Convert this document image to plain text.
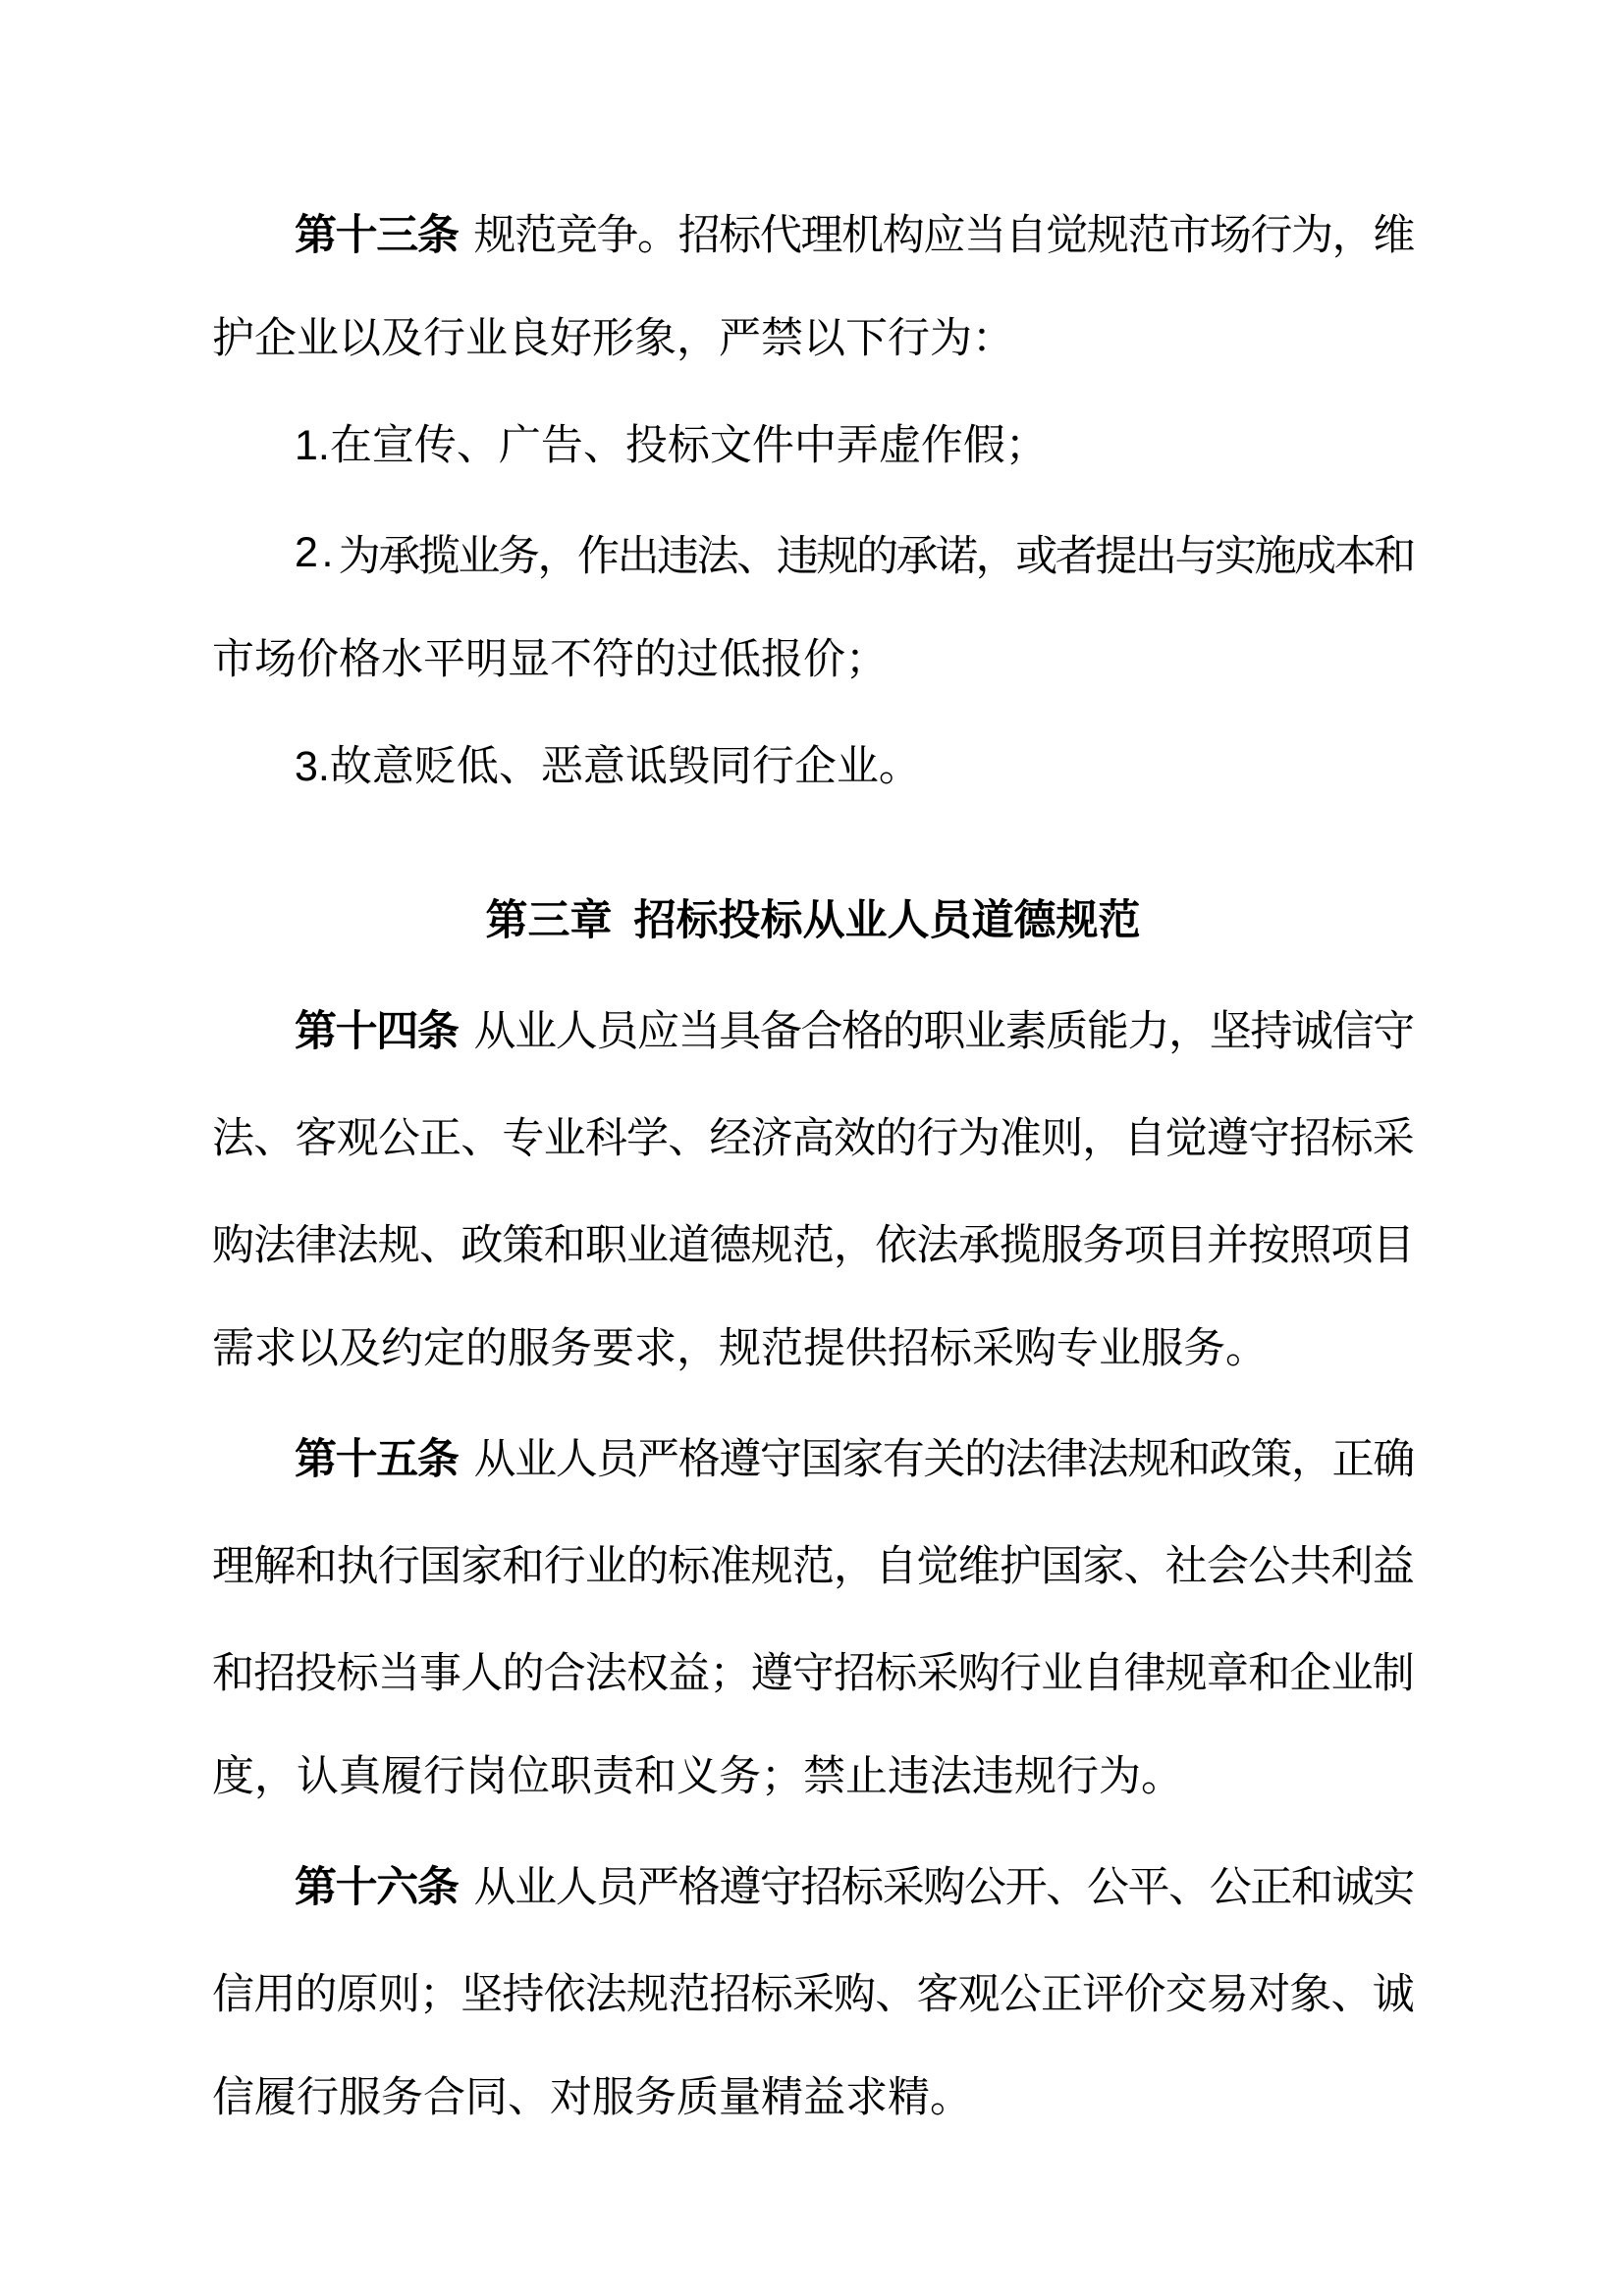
第
十
三
条 规
范
竞
争
。
招
标
代
理
机
构
应
当
自
觉
规
范
市
场
行
为
，
维
护企业以及行业良好形象，严禁以下行为：
1.在宣传、广告、投标文件中弄虚作假；
2 . 为
承
揽
业
务
，
作
出
违
法
、
违
规
的
承
诺
，
或
者
提
出
与
实
施
成
本
和
市场价格水平明显不符的过低报价；
3.故意贬低、恶意诋毁同行企业。
第三章 招标投标从业人员道德规范
第
十
四
条 从
业
人
员
应
当
具
备
合
格
的
职
业
素
质
能
力
，
坚
持
诚
信
守
法 、 客 观 公 正 、 专 业 科 学 、 经 济 高 效 的 行 为 准 则 ， 自 觉 遵 守 招 标 采
购 法 律 法 规 、 政 策 和 职 业 道 德 规 范 ， 依 法 承 揽 服 务 项 目 并 按 照 项 目
需求以及约定的服务要求，规范提供招标采购专业服务。
第
十
五
条 从
业
人
员
严
格
遵
守
国
家
有
关
的
法
律
法
规
和
政
策
，
正
确
理 解 和 执 行 国 家 和 行 业 的 标 准 规 范 ， 自 觉 维 护 国 家 、 社 会 公 共 利 益
和 招 投 标 当 事 人 的 合 法 权 益 ； 遵 守 招 标 采 购 行 业 自 律 规 章 和 企 业 制
度，认真履行岗位职责和义务；禁止违法违规行为。
第
十
六
条 从
业
人
员
严
格
遵
守
招
标
采
购
公
开
、
公
平
、
公
正
和
诚
实
信 用 的 原 则 ； 坚 持 依 法 规 范 招 标 采 购 、 客 观 公 正 评 价 交 易 对 象 、 诚
信履行服务合同、对服务质量精益求精。
